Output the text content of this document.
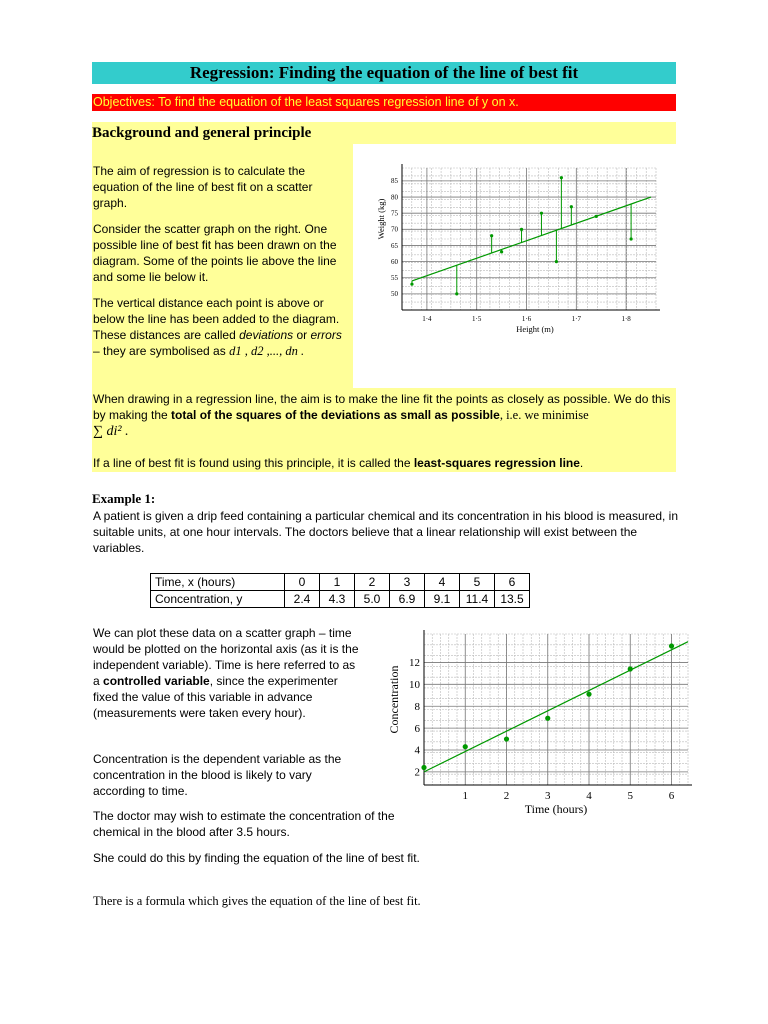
Regression: Finding the equation of the line of best fit
Objectives: To find the equation of the least squares regression line of y on x.
Background and general principle

The aim of regression is to calculate the equation of the line of best fit on a scatter graph.

Consider the scatter graph on the right. One possible line of best fit has been drawn on the diagram. Some of the points lie above the line and some lie below it.

The vertical distance each point is above or below the line has been added to the diagram. These distances are called deviations or errors – they are symbolised as d1 , d2 ,..., dn .

When drawing in a regression line, the aim is to make the line fit the points as closely as possible. We do this by making the total of the squares of the deviations as small as possible, i.e. we minimise
∑ di² .

If a line of best fit is found using this principle, it is called the least-squares regression line.

1·4	1·5	1·6	1·7	1·8
50
55
60
65
70
75
80
85
Height (m)
Weight (kg)
Example 1:

A patient is given a drip feed containing a particular chemical and its concentration in his blood is measured, in suitable units, at one hour intervals. The doctors believe that a linear relationship will exist between the variables.

Time, x (hours)	0	1	2	3	4	5	6
Concentration, y	2.4	4.3	5.0	6.9	9.1	11.4	13.5

We can plot these data on a scatter graph – time would be plotted on the horizontal axis (as it is the independent variable). Time is here referred to as a controlled variable, since the experimenter fixed the value of this variable in advance (measurements were taken every hour).

Concentration is the dependent variable as the concentration in the blood is likely to vary according to time.

The doctor may wish to estimate the concentration of the chemical in the blood after 3.5 hours.

She could do this by finding the equation of the line of best fit.

There is a formula which gives the equation of the line of best fit.

1	2	3	4	5	6
2
4
6
8
10
12
Time (hours)
Concentration
